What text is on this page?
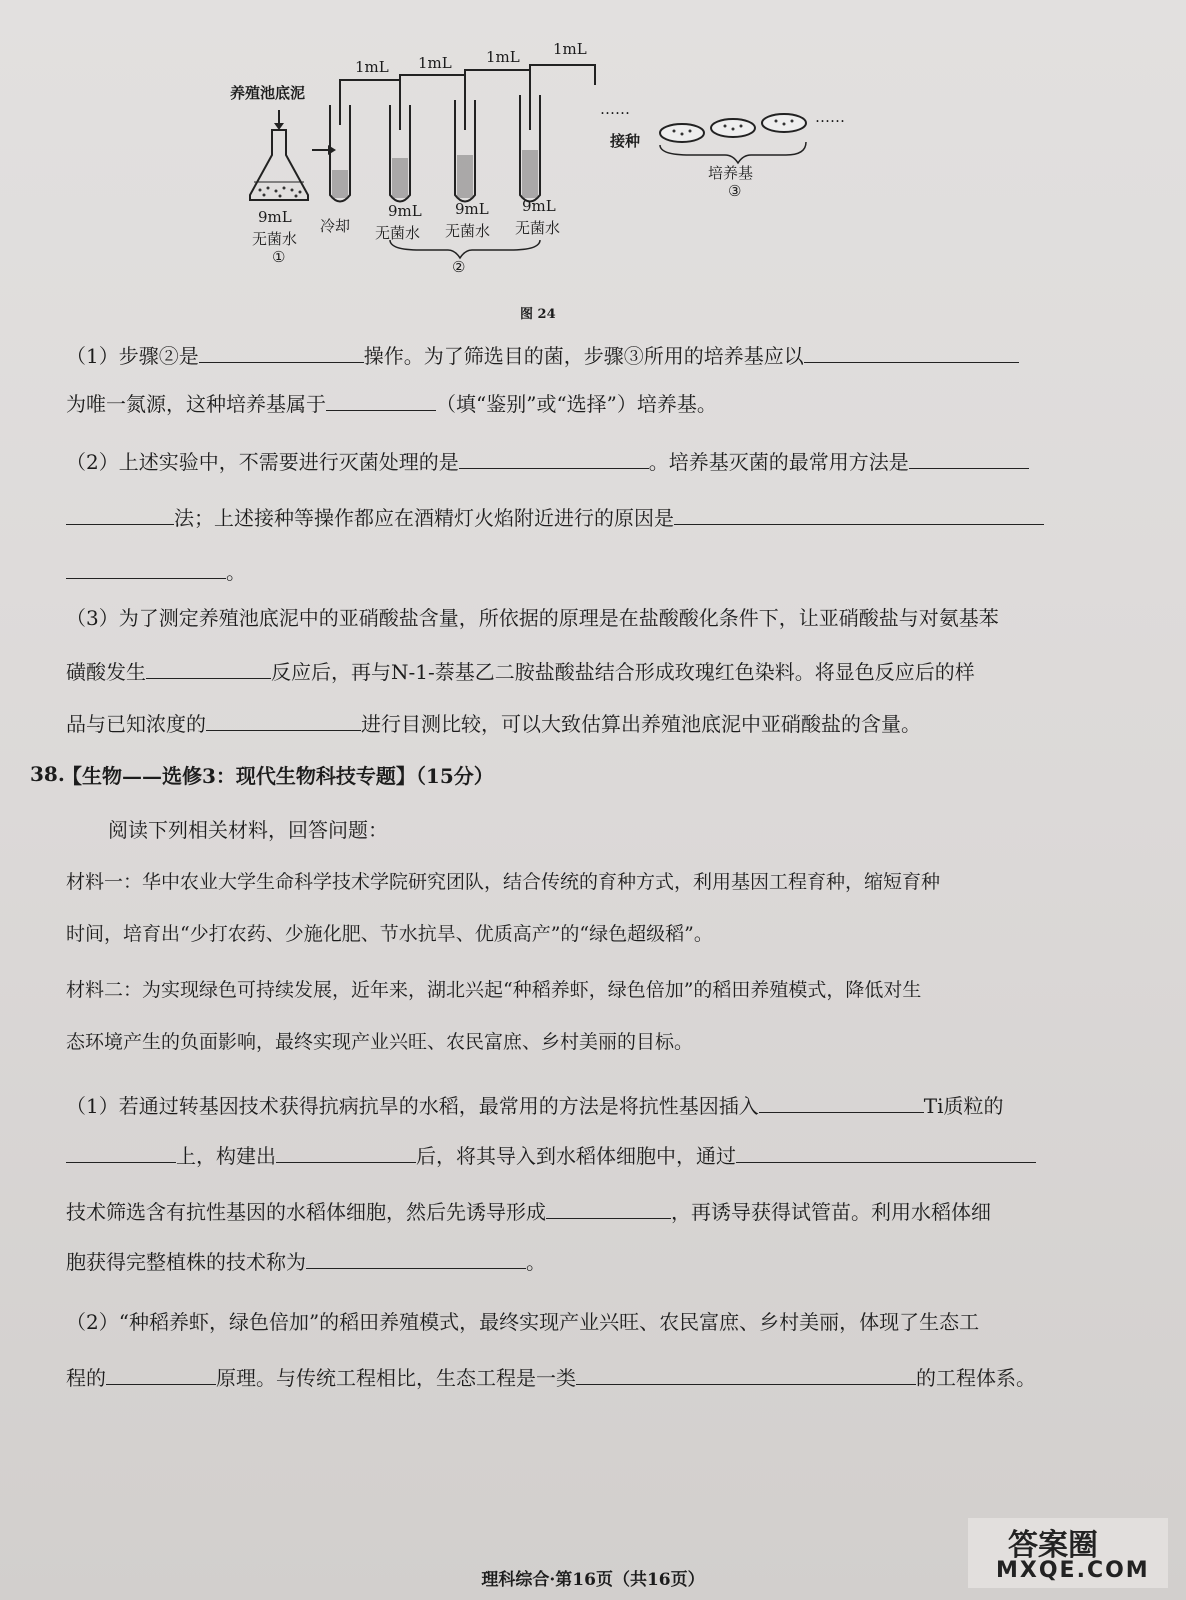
养殖池底泥
1mL 1mL 1mL 1mL
……
9mL
无菌水
①
冷却
9mL
无菌水
9mL
无菌水
9mL
无菌水
②
接种
……
培养基
③
图 24
（1）步骤②是	操作。为了筛选目的菌，步骤③所用的培养基应以
为唯一氮源，这种培养基属于	（填“鉴别”或“选择”）培养基。
（2）上述实验中，不需要进行灭菌处理的是	。培养基灭菌的最常用方法是
法；上述接种等操作都应在酒精灯火焰附近进行的原因是
。
（3）为了测定养殖池底泥中的亚硝酸盐含量，所依据的原理是在盐酸酸化条件下，让亚硝酸盐与对氨基苯
磺酸发生	反应后，再与N-1-萘基乙二胺盐酸盐结合形成玫瑰红色染料。将显色反应后的样
品与已知浓度的	进行目测比较，可以大致估算出养殖池底泥中亚硝酸盐的含量。
38.
【生物——选修3：现代生物科技专题】（15分）
阅读下列相关材料，回答问题：
材料一：华中农业大学生命科学技术学院研究团队，结合传统的育种方式，利用基因工程育种，缩短育种
时间，培育出“少打农药、少施化肥、节水抗旱、优质高产”的“绿色超级稻”。
材料二：为实现绿色可持续发展，近年来，湖北兴起“种稻养虾，绿色倍加”的稻田养殖模式，降低对生
态环境产生的负面影响，最终实现产业兴旺、农民富庶、乡村美丽的目标。
（1）若通过转基因技术获得抗病抗旱的水稻，最常用的方法是将抗性基因插入	Ti质粒的
上，构建出	后，将其导入到水稻体细胞中，通过
技术筛选含有抗性基因的水稻体细胞，然后先诱导形成	，再诱导获得试管苗。利用水稻体细
胞获得完整植株的技术称为	。
（2）“种稻养虾，绿色倍加”的稻田养殖模式，最终实现产业兴旺、农民富庶、乡村美丽，体现了生态工
程的	原理。与传统工程相比，生态工程是一类	的工程体系。
理科综合·第16页（共16页）
答案圈
MXQE.COM
